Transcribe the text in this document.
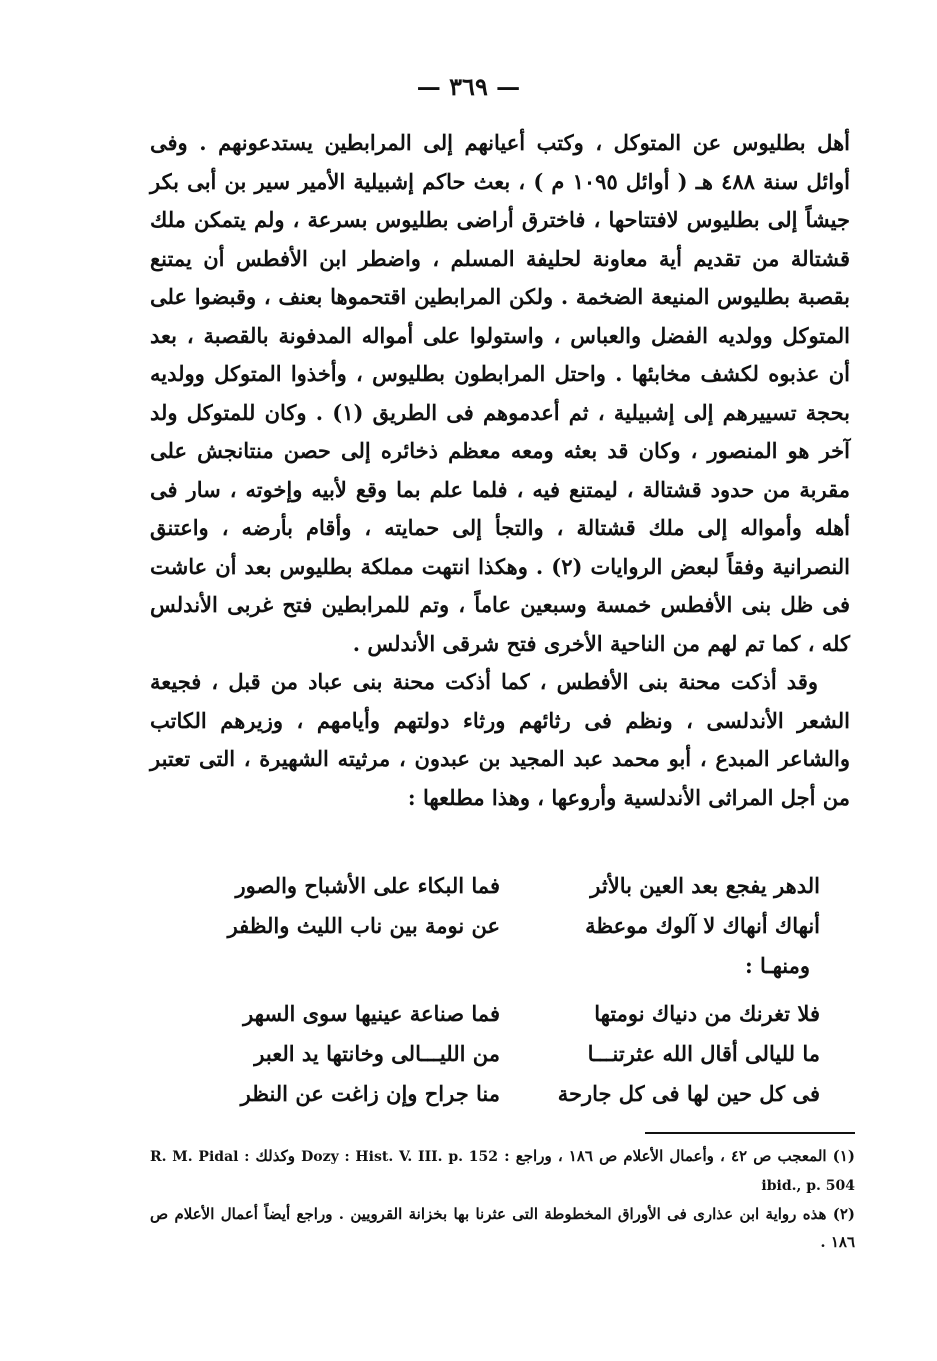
— ٣٦٩ —

أهل بطليوس عن المتوكل ، وكتب أعيانهم إلى المرابطين يستدعونهم . وفى أوائل سنة ٤٨٨ هـ ( أوائل ١٠٩٥ م ) ، بعث حاكم إشبيلية الأمير سير بن أبى بكر جيشاً إلى بطليوس لافتتاحها ، فاخترق أراضى بطليوس بسرعة ، ولم يتمكن ملك قشتالة من تقديم أية معاونة لحليفة المسلم ، واضطر ابن الأفطس أن يمتنع بقصبة بطليوس المنيعة الضخمة . ولكن المرابطين اقتحموها بعنف ، وقبضوا على المتوكل وولديه الفضل والعباس ، واستولوا على أمواله المدفونة بالقصبة ، بعد أن عذبوه لكشف مخابئها . واحتل المرابطون بطليوس ، وأخذوا المتوكل وولديه بحجة تسييرهم إلى إشبيلية ، ثم أعدموهم فى الطريق (١) . وكان للمتوكل ولد آخر هو المنصور ، وكان قد بعثه ومعه معظم ذخائره إلى حصن منتانجش على مقربة من حدود قشتالة ، ليمتنع فيه ، فلما علم بما وقع لأبيه وإخوته ، سار فى أهله وأمواله إلى ملك قشتالة ، والتجأ إلى حمايته ، وأقام بأرضه ، واعتنق النصرانية وفقاً لبعض الروايات (٢) . وهكذا انتهت مملكة بطليوس بعد أن عاشت فى ظل بنى الأفطس خمسة وسبعين عاماً ، وتم للمرابطين فتح غربى الأندلس كله ، كما تم لهم من الناحية الأخرى فتح شرقى الأندلس .

وقد أذكت محنة بنى الأفطس ، كما أذكت محنة بنى عباد من قبل ، فجيعة الشعر الأندلسى ، ونظم فى رثائهم ورثاء دولتهم وأيامهم ، وزيرهم الكاتب والشاعر المبدع ، أبو محمد عبد المجيد بن عبدون ، مرثيته الشهيرة ، التى تعتبر من أجل المراثى الأندلسية وأروعها ، وهذا مطلعها :

الدهر يفجع بعد العين بالأثر
فما البكاء على الأشباح والصور
أنهاك أنهاك لا آلوك موعظة
عن نومة بين ناب الليث والظفر
ومنهـا :
فلا تغرنك من دنياك نومتها
فما صناعة عينيها سوى السهر
ما لليالى أقال الله عثرتنـــا
من الليـــالى وخانتها يد العبر
فى كل حين لها فى كل جارحة
منا جراح وإن زاغت عن النظر

(١) المعجب ص ٤٢ ، وأعمال الأعلام ص ١٨٦ ، وراجع : Dozy : Hist. V. III. p. 152 وكذلك R. M. Pidal : ibid., p. 504

(٢) هذه رواية ابن عذارى فى الأوراق المخطوطة التى عثرنا بها بخزانة القرويين . وراجع أيضاً أعمال الأعلام ص ١٨٦ .
